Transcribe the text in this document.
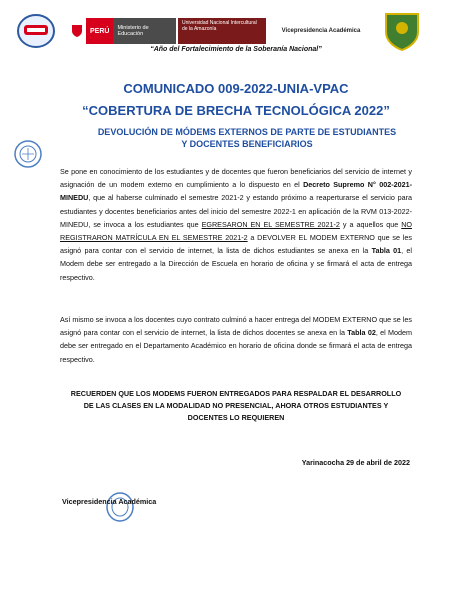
PERÚ	Ministerio de Educación
Universidad Nacional Intercultural de la Amazonía	Vicepresidencia Académica
“Año del Fortalecimiento de la Soberanía Nacional”
COMUNICADO 009-2022-UNIA-VPAC
“COBERTURA DE BRECHA TECNOLÓGICA 2022”
DEVOLUCIÓN DE MÓDEMS EXTERNOS DE PARTE DE ESTUDIANTES Y DOCENTES BENEFICIARIOS
Se pone en conocimiento de los estudiantes y de docentes que fueron beneficiarios del servicio de internet y asignación de un modem externo en cumplimiento a lo dispuesto en el Decreto Supremo N° 002-2021-MINEDU, que al haberse culminado el semestre 2021-2 y estando próximo a reaperturarse el servicio para estudiantes y docentes beneficiarios antes del inicio del semestre 2022-1 en aplicación de la RVM 013-2022-MINEDU, se invoca a los estudiantes que EGRESARON EN EL SEMESTRE 2021-2 y a aquellos que NO REGISTRARON MATRÍCULA EN EL SEMESTRE 2021-2 a DEVOLVER EL MODEM EXTERNO que se les asignó para contar con el servicio de internet, la lista de dichos estudiantes se anexa en la Tabla 01, el Modem debe ser entregado a la Dirección de Escuela en horario de oficina y se firmará el acta de entrega respectivo.
Así mismo se invoca a los docentes cuyo contrato culminó a hacer entrega del MODEM EXTERNO que se les asignó para contar con el servicio de internet, la lista de dichos docentes se anexa en la Tabla 02, el Modem debe ser entregado en el Departamento Académico en horario de oficina donde se firmará el acta de entrega respectivo.
RECUERDEN QUE LOS MODEMS FUERON ENTREGADOS PARA RESPALDAR EL DESARROLLO DE LAS CLASES EN LA MODALIDAD NO PRESENCIAL, AHORA OTROS ESTUDIANTES Y DOCENTES LO REQUIEREN
Yarinacocha 29 de abril de 2022
Vicepresidencia Académica
